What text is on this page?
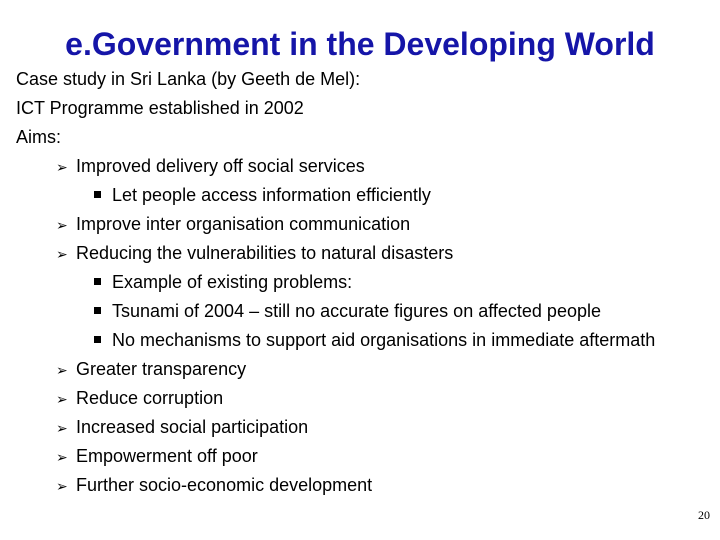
e.Government in the Developing World
Case study in Sri Lanka (by Geeth de Mel):
ICT Programme established in 2002
Aims:
➢ Improved delivery off social services
Let people access information efficiently
➢ Improve inter organisation communication
➢ Reducing the vulnerabilities to natural disasters
Example of existing problems:
Tsunami of 2004 – still no accurate figures on affected people
No mechanisms to support aid organisations in immediate aftermath
➢ Greater transparency
➢ Reduce corruption
➢ Increased social participation
➢ Empowerment off poor
➢ Further socio-economic development
20
